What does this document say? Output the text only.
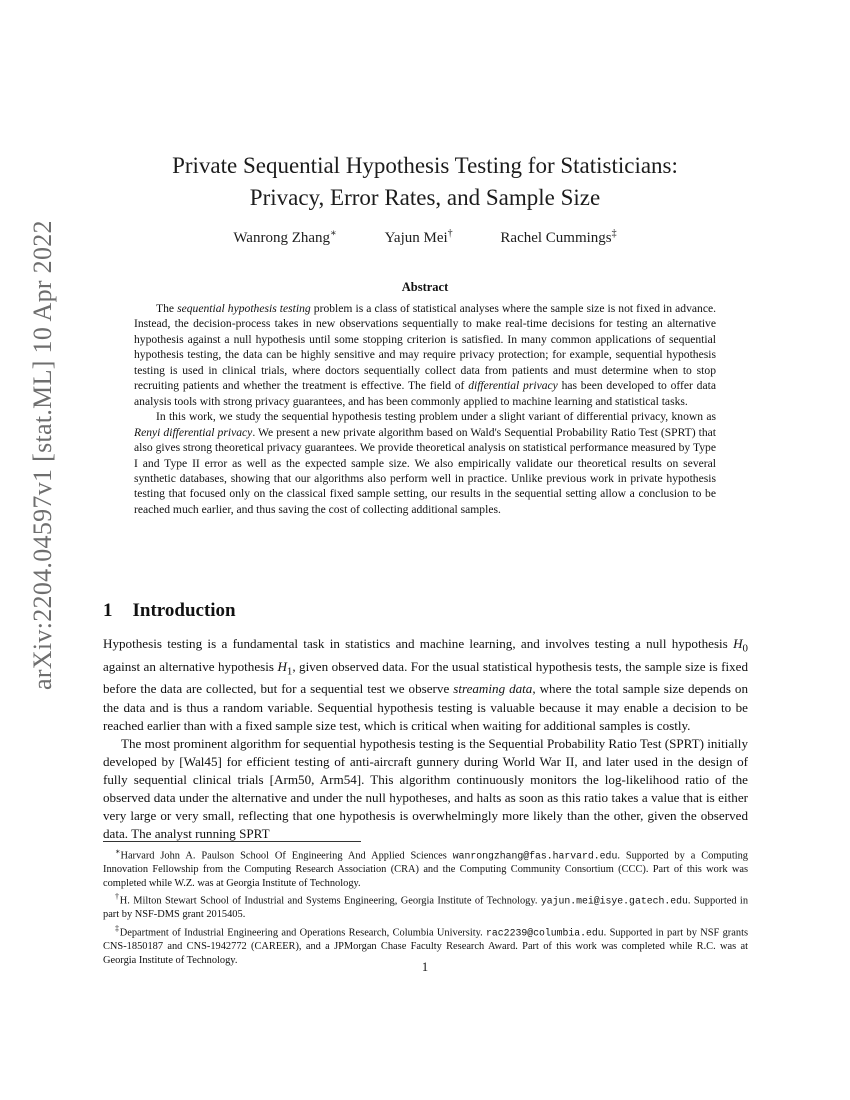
arXiv:2204.04597v1 [stat.ML] 10 Apr 2022
Private Sequential Hypothesis Testing for Statisticians:
Privacy, Error Rates, and Sample Size
Wanrong Zhang∗	Yajun Mei†	Rachel Cummings‡
Abstract

The sequential hypothesis testing problem is a class of statistical analyses where the sample size is not fixed in advance. Instead, the decision-process takes in new observations sequentially to make real-time decisions for testing an alternative hypothesis against a null hypothesis until some stopping criterion is satisfied. In many common applications of sequential hypothesis testing, the data can be highly sensitive and may require privacy protection; for example, sequential hypothesis testing is used in clinical trials, where doctors sequentially collect data from patients and must determine when to stop recruiting patients and whether the treatment is effective. The field of differential privacy has been developed to offer data analysis tools with strong privacy guarantees, and has been commonly applied to machine learning and statistical tasks.

In this work, we study the sequential hypothesis testing problem under a slight variant of differential privacy, known as Renyi differential privacy. We present a new private algorithm based on Wald's Sequential Probability Ratio Test (SPRT) that also gives strong theoretical privacy guarantees. We provide theoretical analysis on statistical performance measured by Type I and Type II error as well as the expected sample size. We also empirically validate our theoretical results on several synthetic databases, showing that our algorithms also perform well in practice. Unlike previous work in private hypothesis testing that focused only on the classical fixed sample setting, our results in the sequential setting allow a conclusion to be reached much earlier, and thus saving the cost of collecting additional samples.

1 Introduction

Hypothesis testing is a fundamental task in statistics and machine learning, and involves testing a null hypothesis $H_0$ against an alternative hypothesis $H_1$, given observed data. For the usual statistical hypothesis tests, the sample size is fixed before the data are collected, but for a sequential test we observe streaming data, where the total sample size depends on the data and is thus a random variable. Sequential hypothesis testing is valuable because it may enable a decision to be reached earlier than with a fixed sample size test, which is critical when waiting for additional samples is costly.

The most prominent algorithm for sequential hypothesis testing is the Sequential Probability Ratio Test (SPRT) initially developed by [Wal45] for efficient testing of anti-aircraft gunnery during World War II, and later used in the design of fully sequential clinical trials [Arm50, Arm54]. This algorithm continuously monitors the log-likelihood ratio of the observed data under the alternative and under the null hypotheses, and halts as soon as this ratio takes a value that is either very large or very small, reflecting that one hypothesis is overwhelmingly more likely than the other, given the observed data. The analyst running SPRT

∗Harvard John A. Paulson School Of Engineering And Applied Sciences wanrongzhang@fas.harvard.edu. Supported by a Computing Innovation Fellowship from the Computing Research Association (CRA) and the Computing Community Consortium (CCC). Part of this work was completed while W.Z. was at Georgia Institute of Technology.

†H. Milton Stewart School of Industrial and Systems Engineering, Georgia Institute of Technology. yajun.mei@isye.gatech.edu. Supported in part by NSF-DMS grant 2015405.

‡Department of Industrial Engineering and Operations Research, Columbia University. rac2239@columbia.edu. Supported in part by NSF grants CNS-1850187 and CNS-1942772 (CAREER), and a JPMorgan Chase Faculty Research Award. Part of this work was completed while R.C. was at Georgia Institute of Technology.	1
